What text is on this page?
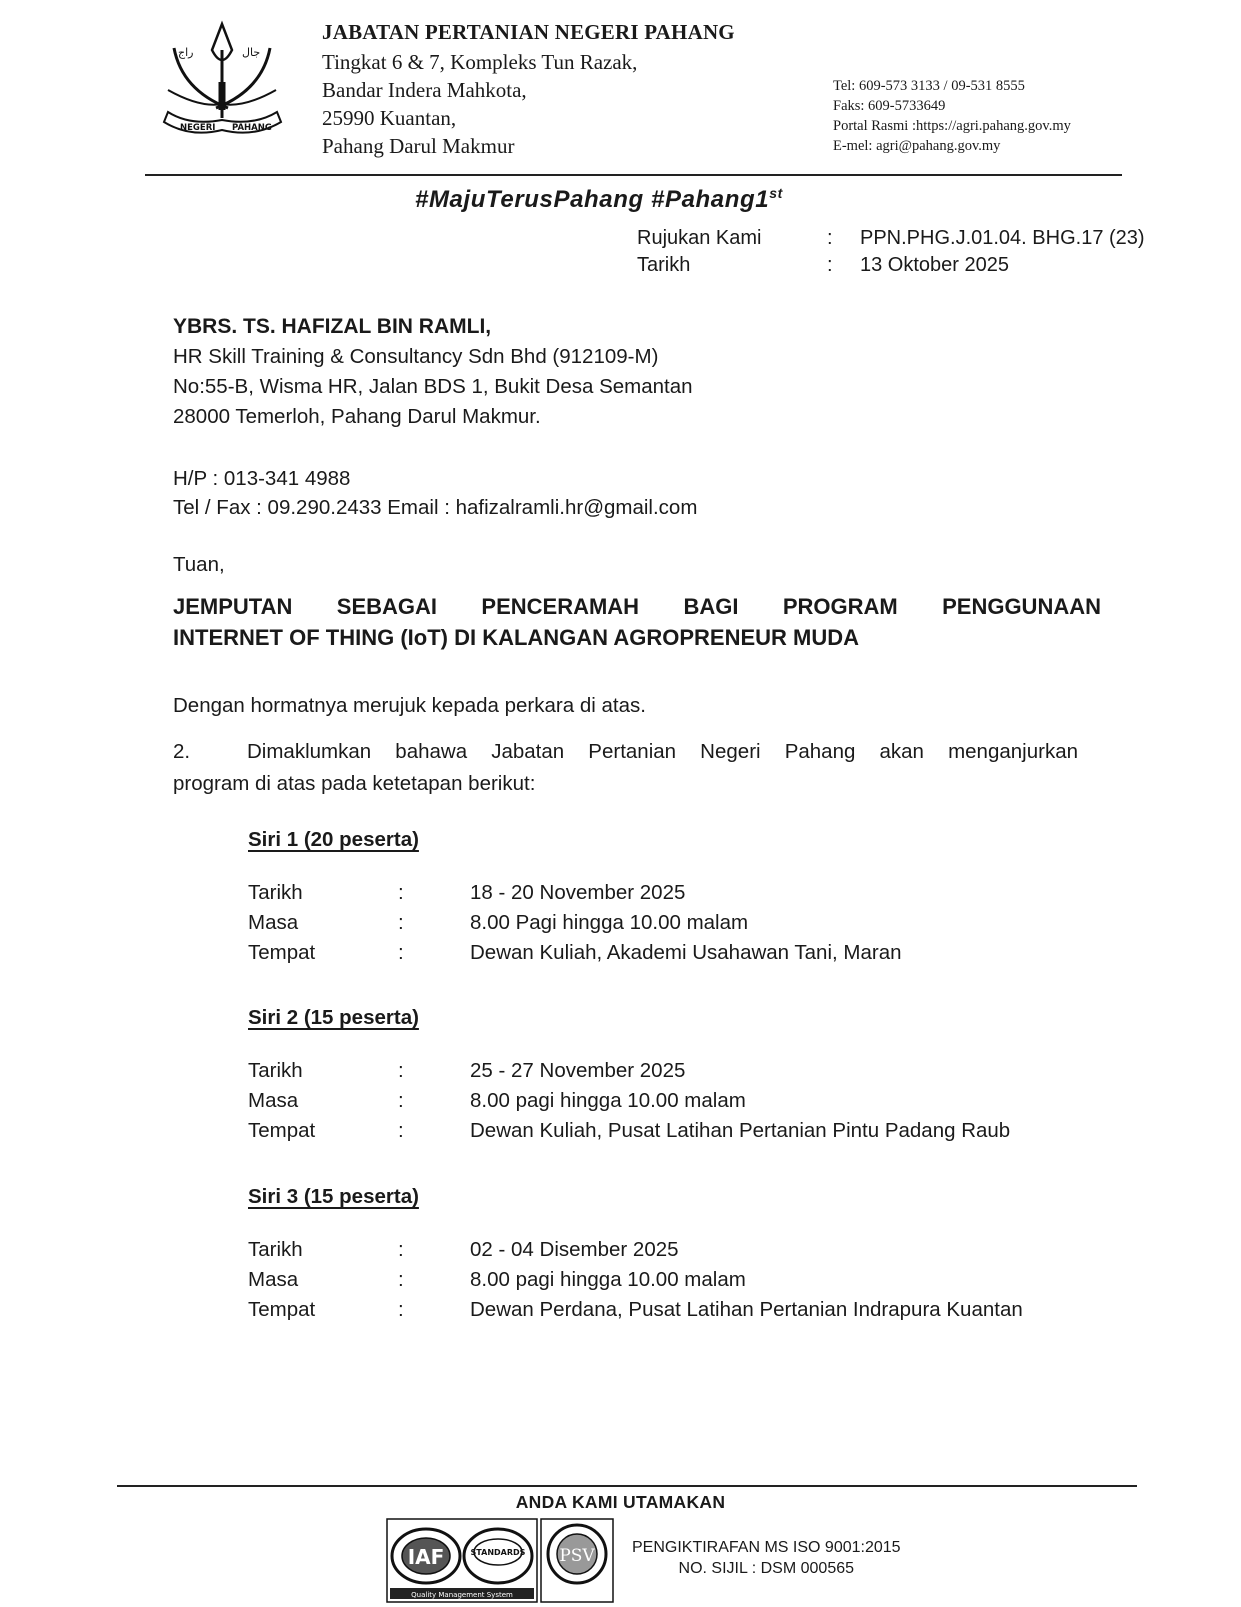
ﺭﺍﺝ	ﺟﺎﻝ
NEGERI PAHANG
JABATAN PERTANIAN NEGERI PAHANG
Tingkat 6 & 7, Kompleks Tun Razak,
Bandar Indera Mahkota,
25990 Kuantan,
Pahang Darul Makmur
Tel: 609-573 3133 / 09-531 8555
Faks: 609-5733649
Portal Rasmi :https://agri.pahang.gov.my
E-mel: agri@pahang.gov.my
#MajuTerusPahang #Pahang1st
Rujukan Kami	:	PPN.PHG.J.01.04. BHG.17 (23)
Tarikh	:	13 Oktober 2025
YBRS. TS. HAFIZAL BIN RAMLI,
HR Skill Training & Consultancy Sdn Bhd (912109-M)
No:55-B, Wisma HR, Jalan BDS 1, Bukit Desa Semantan
28000 Temerloh, Pahang Darul Makmur.
H/P : 013-341 4988
Tel / Fax : 09.290.2433 Email : hafizalramli.hr@gmail.com
Tuan,
JEMPUTAN SEBAGAI PENCERAMAH BAGI PROGRAM PENGGUNAAN
INTERNET OF THING (IoT) DI KALANGAN AGROPRENEUR MUDA
Dengan hormatnya merujuk kepada perkara di atas.
2.	Dimaklumkan bahawa Jabatan Pertanian Negeri Pahang akan menganjurkan
program di atas pada ketetapan berikut:
Siri 1 (20 peserta)
Tarikh	:	18 - 20 November 2025
Masa	:	8.00 Pagi hingga 10.00 malam
Tempat	:	Dewan Kuliah, Akademi Usahawan Tani, Maran
Siri 2 (15 peserta)
Tarikh	:	25 - 27 November 2025
Masa	:	8.00 pagi hingga 10.00 malam
Tempat	:	Dewan Kuliah, Pusat Latihan Pertanian Pintu Padang Raub
Siri 3 (15 peserta)
Tarikh	:	02 - 04 Disember 2025
Masa	:	8.00 pagi hingga 10.00 malam
Tempat	:	Dewan Perdana, Pusat Latihan Pertanian Indrapura Kuantan
ANDA KAMI UTAMAKAN
IAF	STANDARDS
Quality Management System
PSV PENGIKTIRAFAN MS ISO 9001:2015
NO. SIJIL : DSM 000565
